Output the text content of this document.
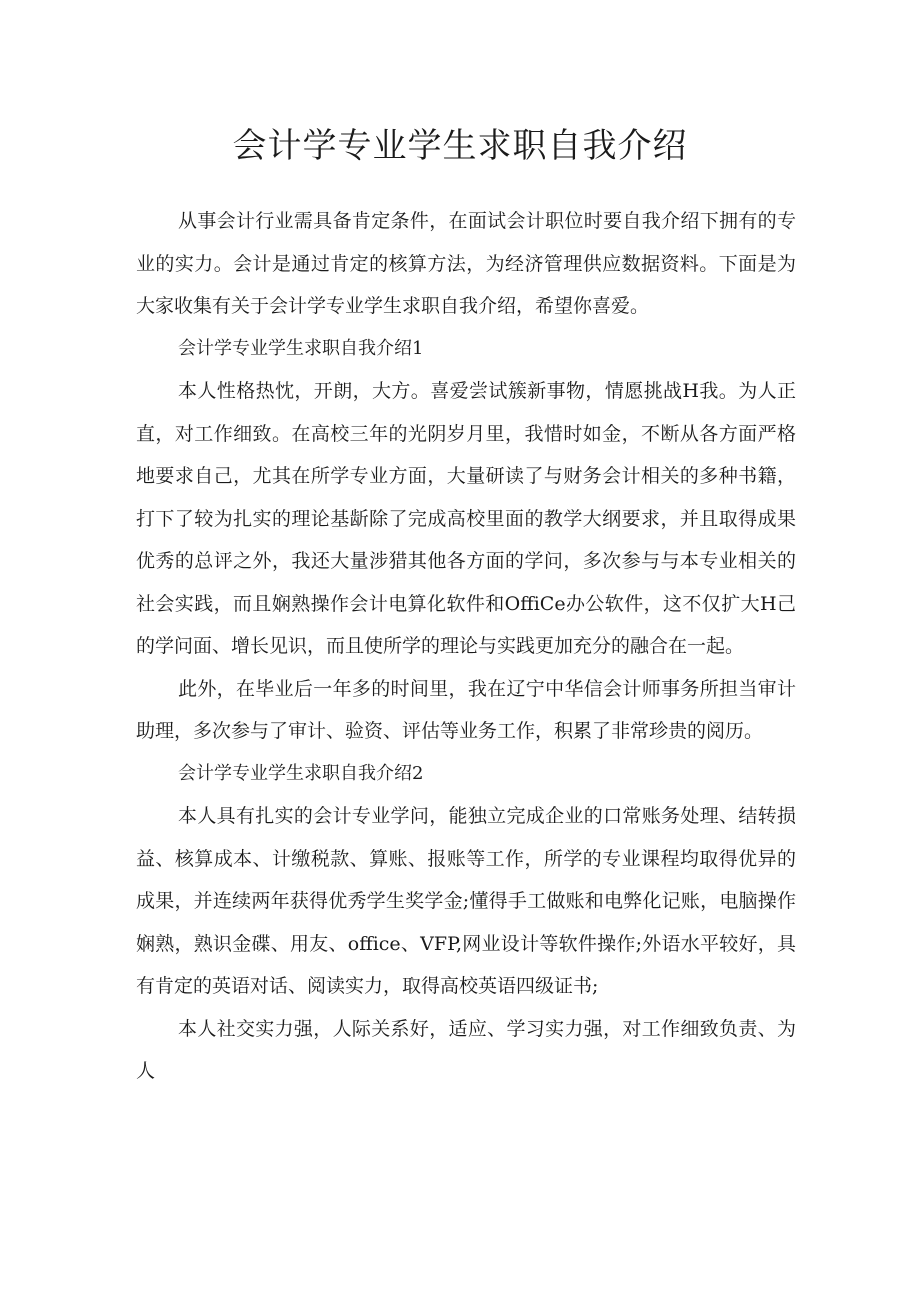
会计学专业学生求职自我介绍

从事会计行业需具备肯定条件，在面试会计职位时要自我介绍下拥有的专业的实力。会计是通过肯定的核算方法，为经济管理供应数据资料。下面是为大家收集有关于会计学专业学生求职自我介绍，希望你喜爱。

会计学专业学生求职自我介绍1

本人性格热忱，开朗，大方。喜爱尝试簇新事物，情愿挑战H我。为人正直，对工作细致。在高校三年的光阴岁月里，我惜时如金，不断从各方面严格地要求自己，尤其在所学专业方面，大量研读了与财务会计相关的多种书籍，打下了较为扎实的理论基龂除了完成高校里面的教学大纲要求，并且取得成果优秀的总评之外，我还大量涉猎其他各方面的学问，多次参与与本专业相关的社会实践，而且娴熟操作会计电算化软件和OffiCe办公软件，这不仅扩大H己的学问面、增长见识，而且使所学的理论与实践更加充分的融合在一起。

此外，在毕业后一年多的时间里，我在辽宁中华信会计师事务所担当审计助理，多次参与了审计、验资、评估等业务工作，积累了非常珍贵的阅历。

会计学专业学生求职自我介绍2

本人具有扎实的会计专业学问，能独立完成企业的口常账务处理、结转损益、核算成本、计缴税款、算账、报账等工作，所学的专业课程均取得优异的成果，并连续两年获得优秀学生奖学金;懂得手工做账和电弊化记账，电脑操作娴熟，熟识金碟、用友、office、VFP,网业设计等软件操作;外语水平较好，具有肯定的英语对话、阅读实力，取得高校英语四级证书;

本人社交实力强，人际关系好，适应、学习实力强，对工作细致负责、为人
